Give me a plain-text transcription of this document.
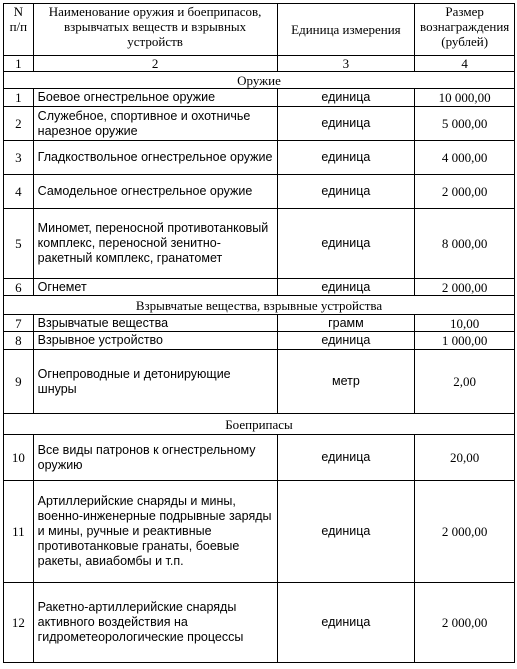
N п/п	Наименование оружия и боеприпасов, взрывчатых веществ и взрывных устройств	Единица измерения	Размер вознаграждения (рублей)
1	2	3	4
Оружие			
1	Боевое огнестрельное оружие	единица	10 000,00
2	Служебное, спортивное и охотничье нарезное оружие	единица	5 000,00
3	Гладкоствольное огнестрельное оружие	единица	4 000,00
4	Самодельное огнестрельное оружие	единица	2 000,00
5	Миномет, переносной противотанковый комплекс, переносной зенитно-ракетный комплекс, гранатомет	единица	8 000,00
6	Огнемет	единица	2 000,00
Взрывчатые вещества, взрывные устройства			
7	Взрывчатые вещества	грамм	10,00
8	Взрывное устройство	единица	1 000,00
9	Огнепроводные и детонирующие шнуры	метр	2,00
Боеприпасы			
10	Все виды патронов к огнестрельному оружию	единица	20,00
11	Артиллерийские снаряды и мины, военно-инженерные подрывные заряды и мины, ручные и реактивные противотанковые гранаты, боевые ракеты, авиабомбы и т.п.	единица	2 000,00
12	Ракетно-артиллерийские снаряды активного воздействия на гидрометеорологические процессы	единица	2 000,00
